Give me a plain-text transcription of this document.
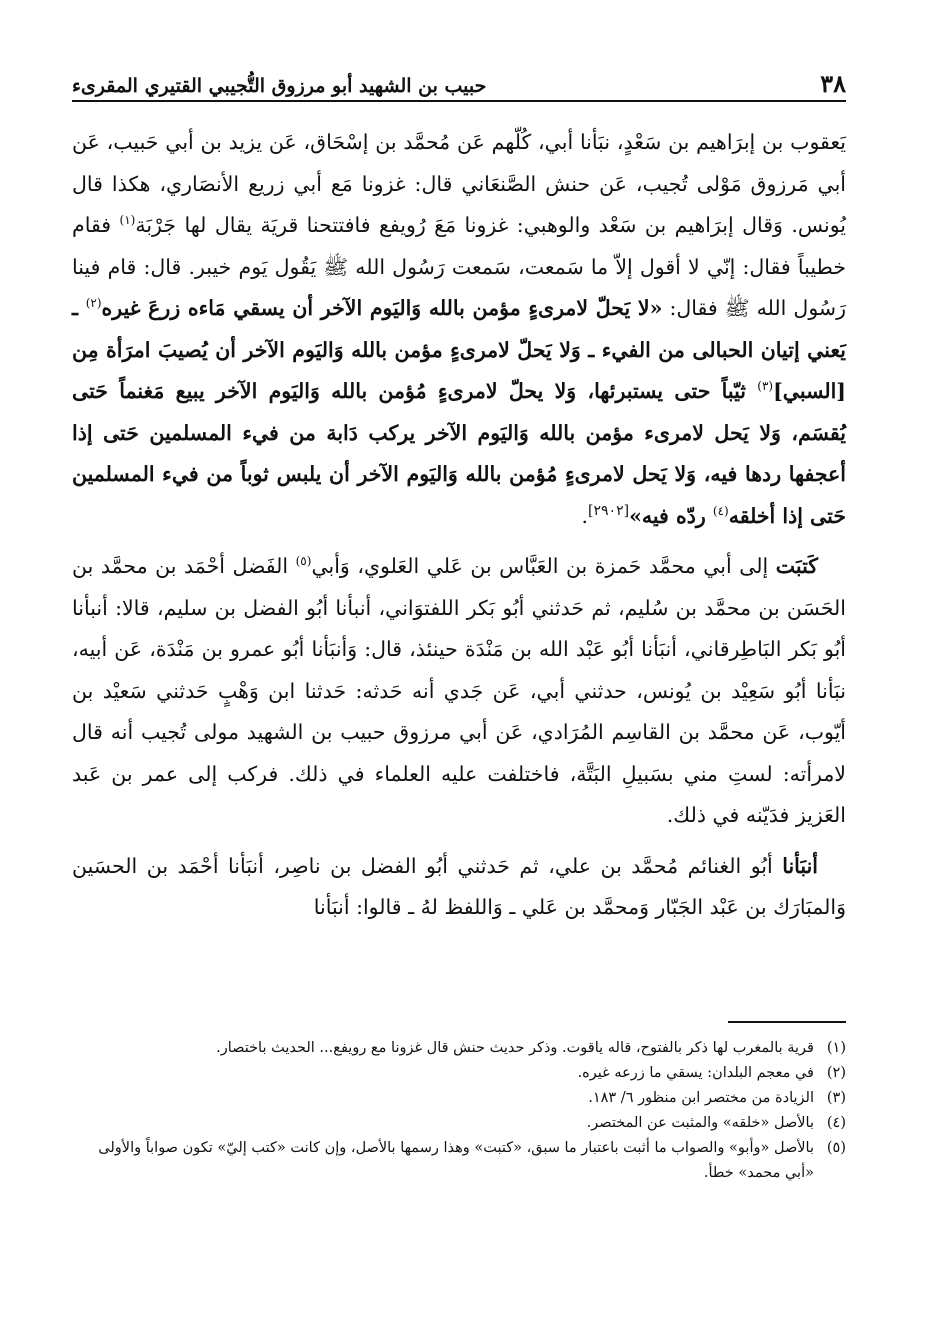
٣٨
حبيب بن الشهيد أبو مرزوق التُّجيبي القتيري المقرىء

يَعقوب بن إبرَاهيم بن سَعْدٍ، نبَأنا أبي، كُلّهم عَن مُحمَّد بن إسْحَاق، عَن يزيد بن أبي حَبيب، عَن أبي مَرزوق مَوْلى تُجيب، عَن حنش الصَّنعَاني قال: غزونا مَع أبي زريع الأنصَاري، هكذا قال يُونس. وَقال إبرَاهيم بن سَعْد والوهبي: غزونا مَعَ رُويفع فافتتحنا قريَة يقال لها جَرْبَة$^{(١)}$ فقام خطيباً فقال: إنّي لا أقول إلاّ ما سَمعت، سَمعت رَسُول الله ﷺ يَقُول يَوم خيبر. قال: قام فينا رَسُول الله ﷺ فقال: «لا يَحلّ لامرىءٍ مؤمن بالله وَاليَوم الآخر أن يسقي مَاءه زرعَ غيره$^{(٢)}$ ـ يَعني إتيان الحبالى من الفيء ـ وَلا يَحلّ لامرىءٍ مؤمن بالله وَاليَوم الآخر أن يُصيبَ امرَأة مِن [السبي]$^{(٣)}$ ثيّباً حتى يستبرئها، وَلا يحلّ لامرىءٍ مُؤمن بالله وَاليَوم الآخر يبيع مَغنماً حَتى يُقسَم، وَلا يَحل لامرىء مؤمن بالله وَاليَوم الآخر يركب دَابة من فيء المسلمين حَتى إذا أعجفها ردها فيه، وَلا يَحل لامرىءٍ مُؤمن بالله وَاليَوم الآخر أن يلبس ثوباً من فيء المسلمين حَتى إذا أخلقه$^{(٤)}$ ردّه فيه»[٢٩٠٢].

كَتبَت إلى أبي محمَّد حَمزة بن العَبَّاس بن عَلي العَلوي، وَأبي$^{(٥)}$ الفَضل أحْمَد بن محمَّد بن الحَسَن بن محمَّد بن سُليم، ثم حَدثني أبُو بَكر اللفتوَاني، أنبأنا أبُو الفضل بن سليم، قالا: أنبأنا أبُو بَكر البَاطِرقاني، أنبَأنا أبُو عَبْد الله بن مَنْدَة حينئذ، قال: وَأنبَأنا أبُو عمرو بن مَنْدَة، عَن أبيه، نبَأنا أبُو سَعِيْد بن يُونس، حدثني أبي، عَن جَدي أنه حَدثه: حَدثنا ابن وَهْبٍ حَدثني سَعيْد بن أيّوب، عَن محمَّد بن القاسِم المُرَادي، عَن أبي مرزوق حبيب بن الشهيد مولى تُجيب أنه قال لامرأته: لستِ مني بسَبيلِ البَتَّة، فاختلفت عليه العلماء في ذلك. فركب إلى عمر بن عَبد العَزيز فدَيّنه في ذلك.

أنبَأنا أبُو الغنائم مُحمَّد بن علي، ثم حَدثني أبُو الفضل بن ناصِر، أنبَأنا أحْمَد بن الحسَين وَالمبَارَك بن عَبْد الجَبّار وَمحمَّد بن عَلي ـ وَاللفظ لهُ ـ قالوا: أنبَأنا

(١)
قرية بالمغرب لها ذكر بالفتوح، قاله ياقوت. وذكر حديث حنش قال غزونا مع رويفع... الحديث باختصار.
(٢)
في معجم البلدان: يسقي ما زرعه غيره.
(٣)
الزيادة من مختصر ابن منظور ٦/ ١٨٣.
(٤)
بالأصل «خلقه» والمثبت عن المختصر.
(٥)
بالأصل «وأبو» والصواب ما أثبت باعتبار ما سبق، «كتبت» وهذا رسمها بالأصل، وإن كانت «كتب إليّ» تكون صواباً والأولى «أبي محمد» خطأ.
